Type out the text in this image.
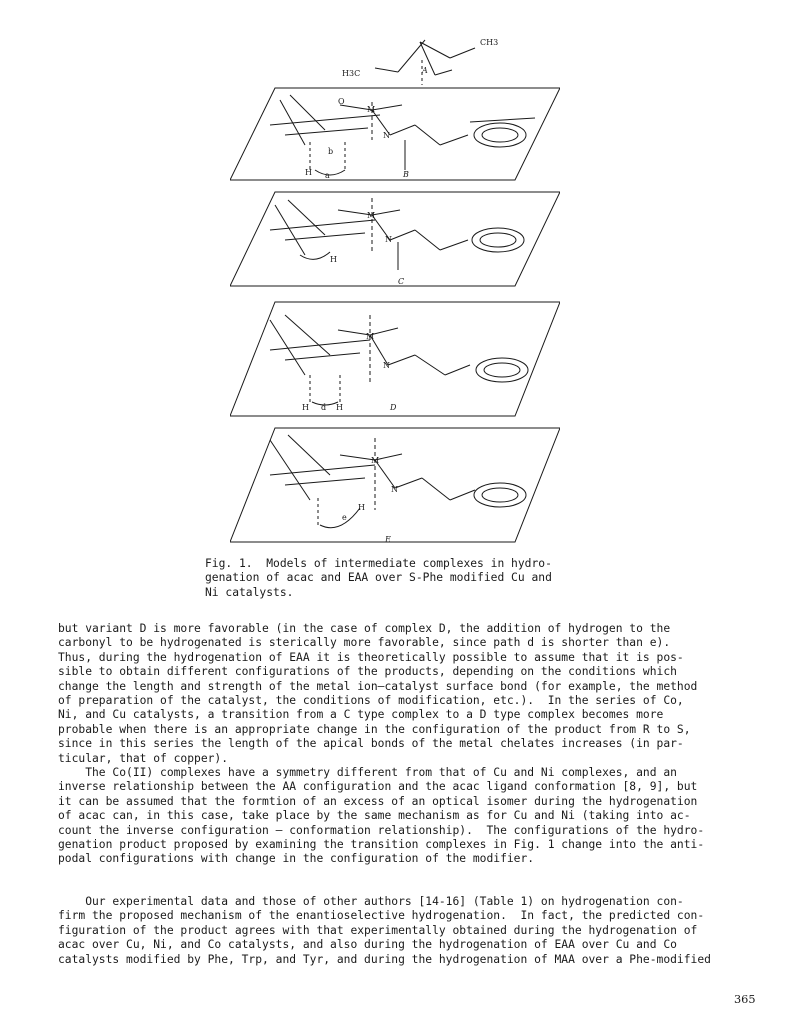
CH3
H3C	A
M
N
O
b
H a	B
M
N
H
C
M
N
H d H	D
M
N
e
H
E
Fig. 1.  Models of intermediate complexes in hydro-
genation of acac and EAA over S-Phe modified Cu and
Ni catalysts.
but variant D is more favorable (in the case of complex D, the addition of hydrogen to the
carbonyl to be hydrogenated is sterically more favorable, since path d is shorter than e).
Thus, during the hydrogenation of EAA it is theoretically possible to assume that it is pos-
sible to obtain different configurations of the products, depending on the conditions which
change the length and strength of the metal ion—catalyst surface bond (for example, the method
of preparation of the catalyst, the conditions of modification, etc.).  In the series of Co,
Ni, and Cu catalysts, a transition from a C type complex to a D type complex becomes more
probable when there is an appropriate change in the configuration of the product from R to S,
since in this series the length of the apical bonds of the metal chelates increases (in par-
ticular, that of copper).
The Co(II) complexes have a symmetry different from that of Cu and Ni complexes, and an
inverse relationship between the AA configuration and the acac ligand conformation [8, 9], but
it can be assumed that the formtion of an excess of an optical isomer during the hydrogenation
of acac can, in this case, take place by the same mechanism as for Cu and Ni (taking into ac-
count the inverse configuration — conformation relationship).  The configurations of the hydro-
genation product proposed by examining the transition complexes in Fig. 1 change into the anti-
podal configurations with change in the configuration of the modifier.
Our experimental data and those of other authors [14-16] (Table 1) on hydrogenation con-
firm the proposed mechanism of the enantioselective hydrogenation.  In fact, the predicted con-
figuration of the product agrees with that experimentally obtained during the hydrogenation of
acac over Cu, Ni, and Co catalysts, and also during the hydrogenation of EAA over Cu and Co
catalysts modified by Phe, Trp, and Tyr, and during the hydrogenation of MAA over a Phe-modified
365
